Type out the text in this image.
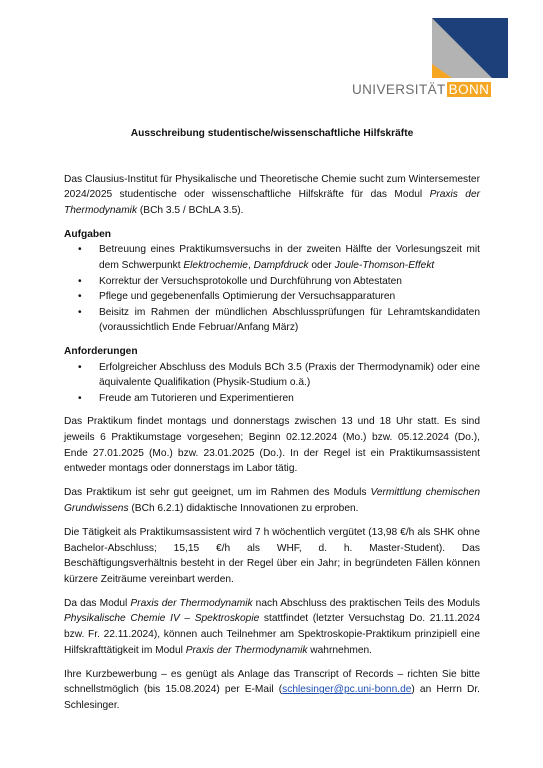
UNIVERSITÄT BONN
Ausschreibung studentische/wissenschaftliche Hilfskräfte

Das Clausius-Institut für Physikalische und Theoretische Chemie sucht zum Wintersemester 2024/2025 studentische oder wissenschaftliche Hilfskräfte für das Modul Praxis der Thermodynamik (BCh 3.5 / BChLA 3.5).

Aufgaben
• Betreuung eines Praktikumsversuchs in der zweiten Hälfte der Vorlesungszeit mit dem Schwerpunkt Elektrochemie, Dampfdruck oder Joule-Thomson-Effekt
• Korrektur der Versuchsprotokolle und Durchführung von Abtestaten
• Pflege und gegebenenfalls Optimierung der Versuchsapparaturen
• Beisitz im Rahmen der mündlichen Abschlussprüfungen für Lehramtskandidaten (voraussichtlich Ende Februar/Anfang März)
Anforderungen
• Erfolgreicher Abschluss des Moduls BCh 3.5 (Praxis der Thermodynamik) oder eine äquivalente Qualifikation (Physik-Studium o.ä.)
• Freude am Tutorieren und Experimentieren

Das Praktikum findet montags und donnerstags zwischen 13 und 18 Uhr statt. Es sind jeweils 6 Praktikumstage vorgesehen; Beginn 02.12.2024 (Mo.) bzw. 05.12.2024 (Do.), Ende 27.01.2025 (Mo.) bzw. 23.01.2025 (Do.). In der Regel ist ein Praktikumsassistent entweder montags oder donnerstags im Labor tätig.

Das Praktikum ist sehr gut geeignet, um im Rahmen des Moduls Vermittlung chemischen Grundwissens (BCh 6.2.1) didaktische Innovationen zu erproben.

Die Tätigkeit als Praktikumsassistent wird 7 h wöchentlich vergütet (13,98 €/h als SHK ohne Bachelor-Abschluss; 15,15 €/h als WHF, d. h. Master-Student). Das Beschäftigungsverhältnis besteht in der Regel über ein Jahr; in begründeten Fällen können kürzere Zeiträume vereinbart werden.

Da das Modul Praxis der Thermodynamik nach Abschluss des praktischen Teils des Moduls Physikalische Chemie IV – Spektroskopie stattfindet (letzter Versuchstag Do. 21.11.2024 bzw. Fr. 22.11.2024), können auch Teilnehmer am Spektroskopie-Praktikum prinzipiell eine Hilfskrafttätigkeit im Modul Praxis der Thermodynamik wahrnehmen.

Ihre Kurzbewerbung – es genügt als Anlage das Transcript of Records – richten Sie bitte schnellstmöglich (bis 15.08.2024) per E-Mail (schlesinger@pc.uni-bonn.de) an Herrn Dr. Schlesinger.
